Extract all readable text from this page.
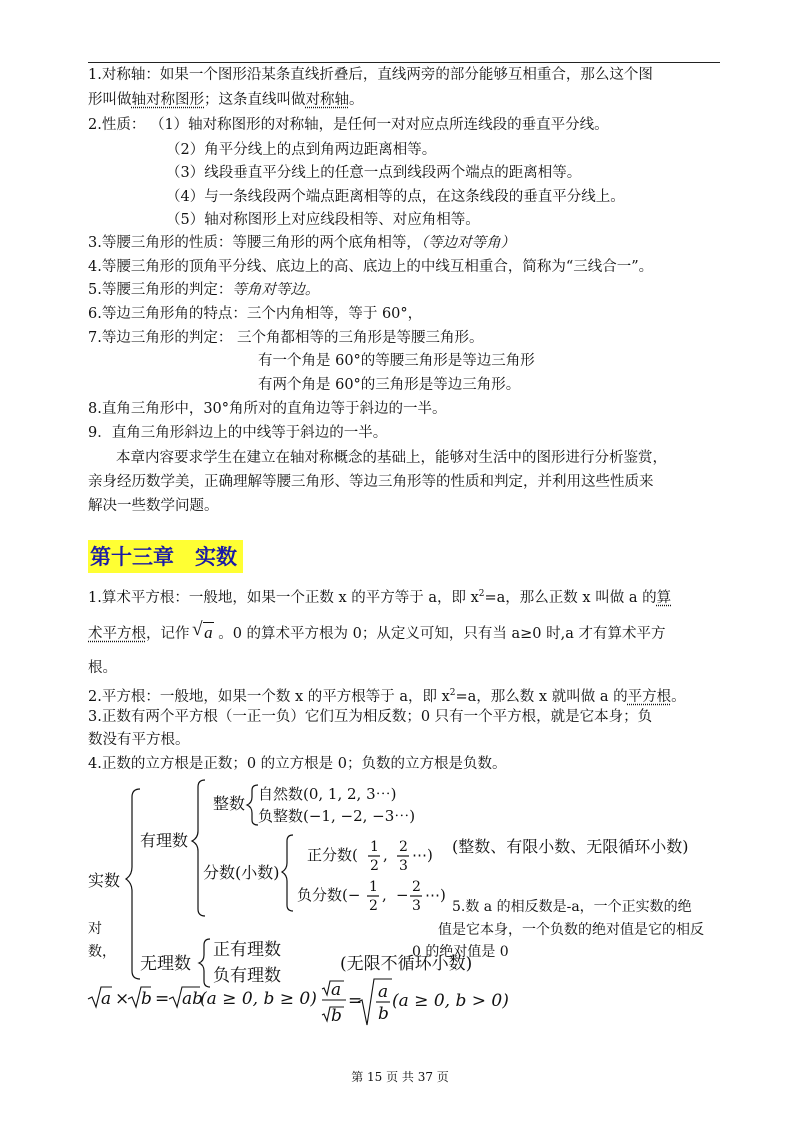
1.对称轴：如果一个图形沿某条直线折叠后，直线两旁的部分能够互相重合，那么这个图
形叫做轴对称图形；这条直线叫做对称轴。
2.性质： （1）轴对称图形的对称轴，是任何一对对应点所连线段的垂直平分线。
（2）角平分线上的点到角两边距离相等。
（3）线段垂直平分线上的任意一点到线段两个端点的距离相等。
（4）与一条线段两个端点距离相等的点，在这条线段的垂直平分线上。
（5）轴对称图形上对应线段相等、对应角相等。
3.等腰三角形的性质：等腰三角形的两个底角相等，（等边对等角）
4.等腰三角形的顶角平分线、底边上的高、底边上的中线互相重合，简称为“三线合一”。
5.等腰三角形的判定：等角对等边。
6.等边三角形角的特点：三个内角相等，等于 60°，
7.等边三角形的判定： 三个角都相等的三角形是等腰三角形。
有一个角是 60°的等腰三角形是等边三角形
有两个角是 60°的三角形是等边三角形。
8.直角三角形中，30°角所对的直角边等于斜边的一半。
9．直角三角形斜边上的中线等于斜边的一半。
本章内容要求学生在建立在轴对称概念的基础上，能够对生活中的图形进行分析鉴赏，
亲身经历数学美，正确理解等腰三角形、等边三角形等的性质和判定，并利用这些性质来
解决一些数学问题。
第十三章　实数
1.算术平方根：一般地，如果一个正数 x 的平方等于 a，即 $x^2=a$，那么正数 x 叫做 a 的算
术平方根，记作 √ a 。0 的算术平方根为 0；从定义可知，只有当 a≥0 时,a 才有算术平方
根。
2.平方根：一般地，如果一个数 x 的平方根等于 a，即 $x^2=a$，那么数 x 就叫做 a 的平方根。
3.正数有两个平方根（一正一负）它们互为相反数；0 只有一个平方根，就是它本身；负
数没有平方根。
4.正数的立方根是正数；0 的立方根是 0；负数的立方根是负数。
实数
有理数
整数 自然数(0, 1, 2, 3⋯)
负整数(−1, −2, −3⋯)
分数(小数)
正分数( 1
2
, 2
3
⋯) (整数、有限小数、无限循环小数)
负分数(− 1
2
, − 2
3
⋯)
对
数，
无理数
正有理数
负有理数
5.数 a 的相反数是-a，一个正实数的绝
值是它本身，一个负数的绝对值是它的相反
0 的绝对值是 0
(无限不循环小数)
a × b = ab
(a ≥ 0, b ≥ 0) a
b
= a
b
(a ≥ 0, b > 0)
第 15 页 共 37 页
